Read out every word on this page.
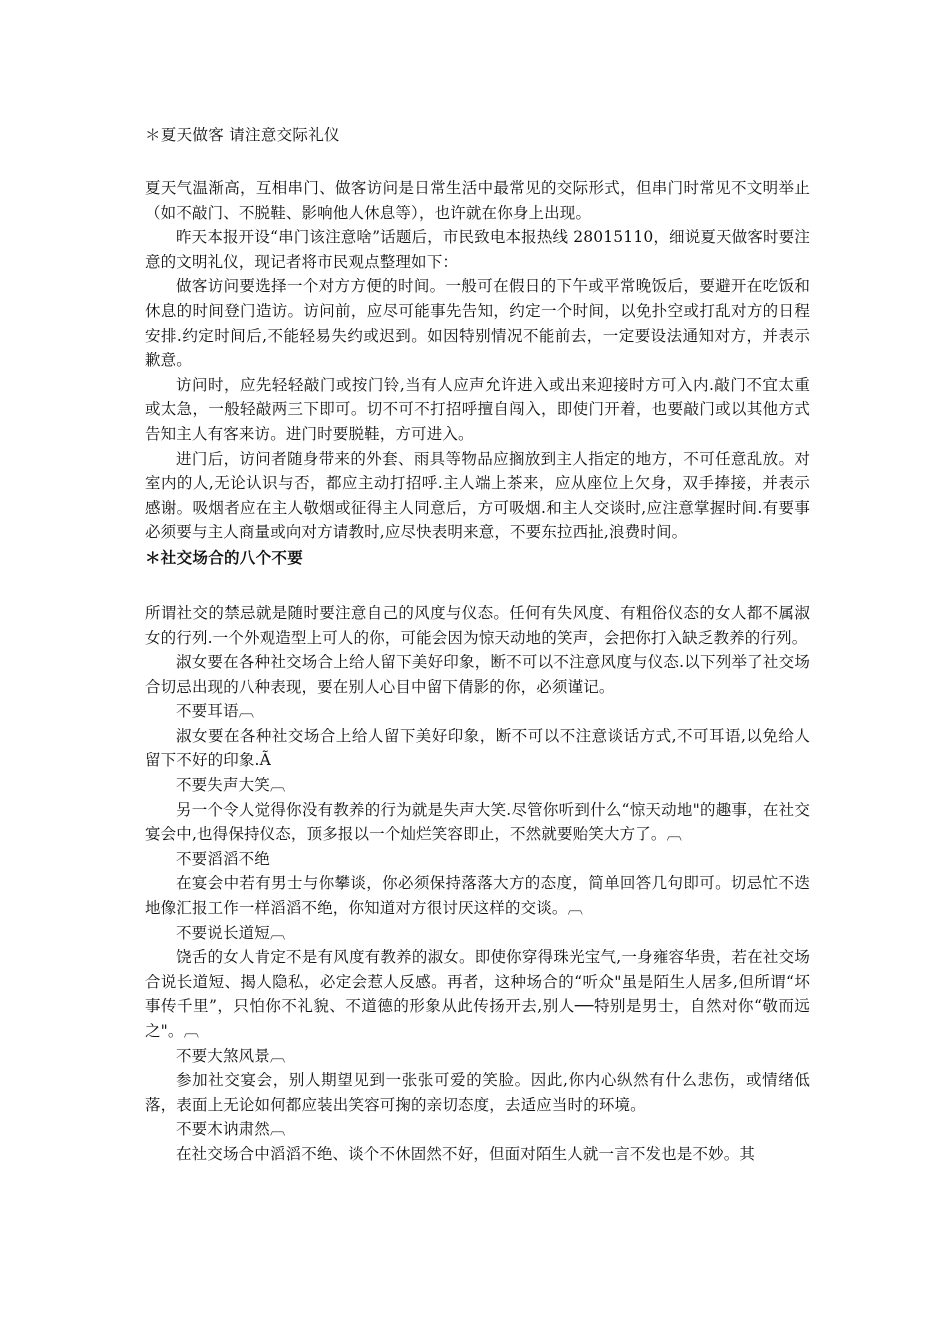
＊夏天做客 请注意交际礼仪

夏天气温渐高，互相串门、做客访问是日常生活中最常见的交际形式，但串门时常见不文明举止（如不敲门、不脱鞋、影响他人休息等），也许就在你身上出现。

昨天本报开设“串门该注意啥”话题后，市民致电本报热线 28015110，细说夏天做客时要注意的文明礼仪，现记者将市民观点整理如下：

做客访问要选择一个对方方便的时间。一般可在假日的下午或平常晚饭后，要避开在吃饭和休息的时间登门造访。访问前，应尽可能事先告知，约定一个时间，以免扑空或打乱对方的日程安排.约定时间后,不能轻易失约或迟到。如因特别情况不能前去，一定要设法通知对方，并表示歉意。

访问时，应先轻轻敲门或按门铃,当有人应声允许进入或出来迎接时方可入内.敲门不宜太重或太急，一般轻敲两三下即可。切不可不打招呼擅自闯入，即使门开着，也要敲门或以其他方式告知主人有客来访。进门时要脱鞋，方可进入。

进门后，访问者随身带来的外套、雨具等物品应搁放到主人指定的地方，不可任意乱放。对室内的人,无论认识与否，都应主动打招呼.主人端上茶来，应从座位上欠身，双手捧接，并表示感谢。吸烟者应在主人敬烟或征得主人同意后，方可吸烟.和主人交谈时,应注意掌握时间.有要事必须要与主人商量或向对方请教时,应尽快表明来意，不要东拉西扯,浪费时间。

＊社交场合的八个不要

所谓社交的禁忌就是随时要注意自己的风度与仪态。任何有失风度、有粗俗仪态的女人都不属淑女的行列.一个外观造型上可人的你，可能会因为惊天动地的笑声，会把你打入缺乏教养的行列。

淑女要在各种社交场合上给人留下美好印象，断不可以不注意风度与仪态.以下列举了社交场合切忌出现的八种表现，要在别人心目中留下倩影的你，必须谨记。

不要耳语︹

淑女要在各种社交场合上给人留下美好印象，断不可以不注意谈话方式,不可耳语,以免给人留下不好的印象.Ã

不要失声大笑︹

另一个令人觉得你没有教养的行为就是失声大笑.尽管你听到什么“惊天动地"的趣事，在社交宴会中,也得保持仪态，顶多报以一个灿烂笑容即止，不然就要贻笑大方了。︹

不要滔滔不绝

在宴会中若有男士与你攀谈，你必须保持落落大方的态度，简单回答几句即可。切忌忙不迭地像汇报工作一样滔滔不绝，你知道对方很讨厌这样的交谈。︹

不要说长道短︹

饶舌的女人肯定不是有风度有教养的淑女。即使你穿得珠光宝气,一身雍容华贵，若在社交场合说长道短、揭人隐私，必定会惹人反感。再者，这种场合的“听众"虽是陌生人居多,但所谓“坏事传千里”，只怕你不礼貌、不道德的形象从此传扬开去,别人──特别是男士，自然对你“敬而远之"。︹

不要大煞风景︹

参加社交宴会，别人期望见到一张张可爱的笑脸。因此,你内心纵然有什么悲伤，或情绪低落，表面上无论如何都应装出笑容可掬的亲切态度，去适应当时的环境。

不要木讷肃然︹

在社交场合中滔滔不绝、谈个不休固然不好，但面对陌生人就一言不发也是不妙。其
